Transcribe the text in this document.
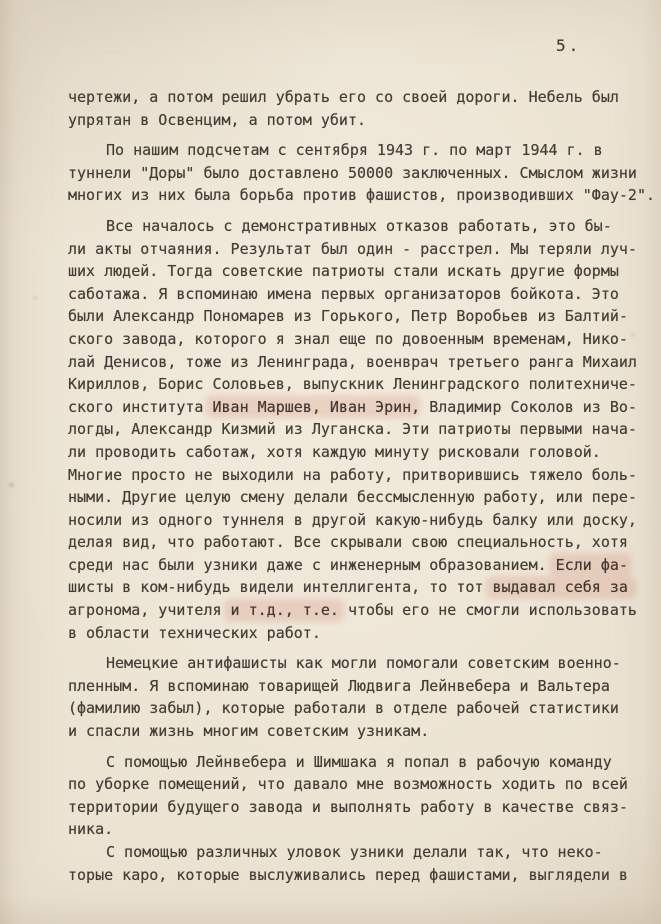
5.

чертежи, а потом решил убрать его со своей дороги. Небель был
упрятан в Освенцим, а потом убит.

По нашим подсчетам с сентября 1943 г. по март 1944 г. в
туннели "Доры" было доставлено 50000 заключенных. Смыслом жизни
многих из них была борьба против фашистов, производивших "Фау-2".

Все началось с демонстративных отказов работать, это бы-
ли акты отчаяния. Результат был один - расстрел. Мы теряли луч-
ших людей. Тогда советские патриоты стали искать другие формы
саботажа. Я вспоминаю имена первых организаторов бойкота. Это
были Александр Пономарев из Горького, Петр Воробьев из Балтий-
ского завода, которого я знал еще по довоенным временам, Нико-
лай Денисов, тоже из Ленинграда, военврач третьего ранга Михаил
Кириллов, Борис Соловьев, выпускник Ленинградского политехниче-
ского института Иван Маршев, Иван Эрин, Владимир Соколов из Во-
логды, Александр Кизмий из Луганска. Эти патриоты первыми нача-
ли проводить саботаж, хотя каждую минуту рисковали головой.
Многие просто не выходили на работу, притворившись тяжело боль-
ными. Другие целую смену делали бессмысленную работу, или пере-
носили из одного туннеля в другой какую-нибудь балку или доску,
делая вид, что работают. Все скрывали свою специальность, хотя
среди нас были узники даже с инженерным образованием. Если фа-
шисты в ком-нибудь видели интеллигента, то тот выдавал себя за
агронома, учителя и т.д., т.е. чтобы его не смогли использовать
в области технических работ.

Немецкие антифашисты как могли помогали советским военно-
пленным. Я вспоминаю товарищей Людвига Лейнвебера и Вальтера
(фамилию забыл), которые работали в отделе рабочей статистики
и спасли жизнь многим советским узникам.

С помощью Лейнвебера и Шимшака я попал в рабочую команду
по уборке помещений, что давало мне возможность ходить по всей
территории будущего завода и выполнять работу в качестве связ-
ника.

С помощью различных уловок узники делали так, что неко-
торые каро, которые выслуживались перед фашистами, выглядели в
